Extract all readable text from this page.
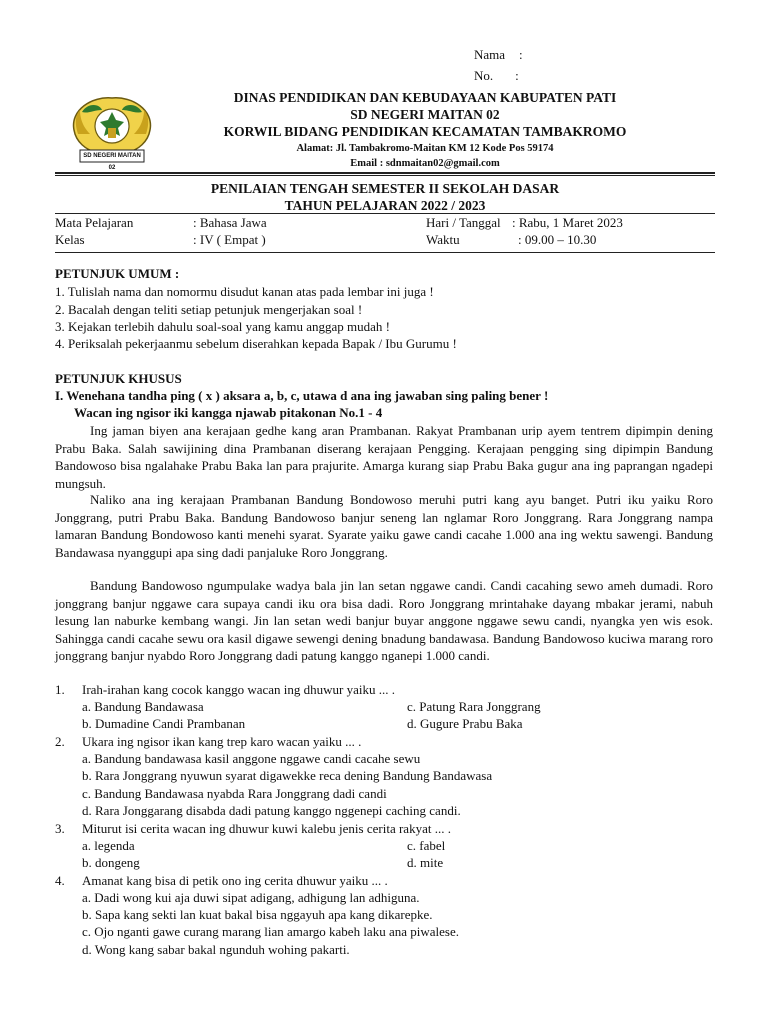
Nama :
No. :
SD NEGERI MAITAN 02
DINAS PENDIDIKAN DAN KEBUDAYAAN KABUPATEN PATI
SD NEGERI MAITAN 02
KORWIL BIDANG PENDIDIKAN KECAMATAN TAMBAKROMO
Alamat: Jl. Tambakromo-Maitan KM 12 Kode Pos 59174
Email : sdnmaitan02@gmail.com
PENILAIAN TENGAH SEMESTER II SEKOLAH DASAR
TAHUN PELAJARAN 2022 / 2023
Mata Pelajaran	: Bahasa Jawa	Hari / Tanggal : Rabu, 1 Maret 2023
Kelas	: IV ( Empat )	Waktu	: 09.00 – 10.30
PETUNJUK UMUM :
1. Tulislah nama dan nomormu disudut kanan atas pada lembar ini juga !
2. Bacalah dengan teliti setiap petunjuk mengerjakan soal !
3. Kejakan terlebih dahulu soal-soal yang kamu anggap mudah !
4. Periksalah pekerjaanmu sebelum diserahkan kepada Bapak / Ibu Gurumu !
PETUNJUK KHUSUS
I. Wenehana tandha ping ( x ) aksara a, b, c, utawa d ana ing jawaban sing paling bener !
Wacan ing ngisor iki kangga njawab pitakonan No.1 - 4
Ing jaman biyen ana kerajaan gedhe kang aran Prambanan. Rakyat Prambanan urip ayem tentrem dipimpin dening Prabu Baka. Salah sawijining dina Prambanan diserang kerajaan Pengging. Kerajaan pengging sing dipimpin Bandung Bandowoso bisa ngalahake Prabu Baka lan para prajurite. Amarga kurang siap Prabu Baka gugur ana ing paprangan ngadepi mungsuh.
Naliko ana ing kerajaan Prambanan Bandung Bondowoso meruhi putri kang ayu banget. Putri iku yaiku Roro Jonggrang, putri Prabu Baka. Bandung Bandowoso banjur seneng lan nglamar Roro Jonggrang. Rara Jonggrang nampa lamaran Bandung Bondowoso kanti menehi syarat. Syarate yaiku gawe candi cacahe 1.000 ana ing wektu sawengi. Bandung Bandawasa nyanggupi apa sing dadi panjaluke Roro Jonggrang.
Bandung Bandowoso ngumpulake wadya bala jin lan setan nggawe candi. Candi cacahing sewo ameh dumadi. Roro jonggrang banjur nggawe cara supaya candi iku ora bisa dadi. Roro Jonggrang mrintahake dayang mbakar jerami, nabuh lesung lan naburke kembang wangi. Jin lan setan wedi banjur buyar anggone nggawe sewu candi, nyangka yen wis esok. Sahingga candi cacahe sewu ora kasil digawe sewengi dening bnadung bandawasa. Bandung Bandowoso kuciwa marang roro jonggrang banjur nyabdo Roro Jonggrang dadi patung kanggo nganepi 1.000 candi.
1. Irah-irahan kang cocok kanggo wacan ing dhuwur yaiku ... .
a. Bandung Bandawasa	c. Patung Rara Jonggrang
b. Dumadine Candi Prambanan	d. Gugure Prabu Baka
2. Ukara ing ngisor ikan kang trep karo wacan yaiku ... .
a. Bandung bandawasa kasil anggone nggawe candi cacahe sewu
b. Rara Jonggrang nyuwun syarat digawekke reca dening Bandung Bandawasa
c. Bandung Bandawasa nyabda Rara Jonggrang dadi candi
d. Rara Jonggarang disabda dadi patung kanggo nggenepi caching candi.
3. Miturut isi cerita wacan ing dhuwur kuwi kalebu jenis cerita rakyat ... .
a. legenda	c. fabel
b. dongeng	d. mite
4. Amanat kang bisa di petik ono ing cerita dhuwur yaiku ... .
a. Dadi wong kui aja duwi sipat adigang, adhigung lan adhiguna.
b. Sapa kang sekti lan kuat bakal bisa nggayuh apa kang dikarepke.
c. Ojo nganti gawe curang marang lian amargo kabeh laku ana piwalese.
d. Wong kang sabar bakal ngunduh wohing pakarti.
